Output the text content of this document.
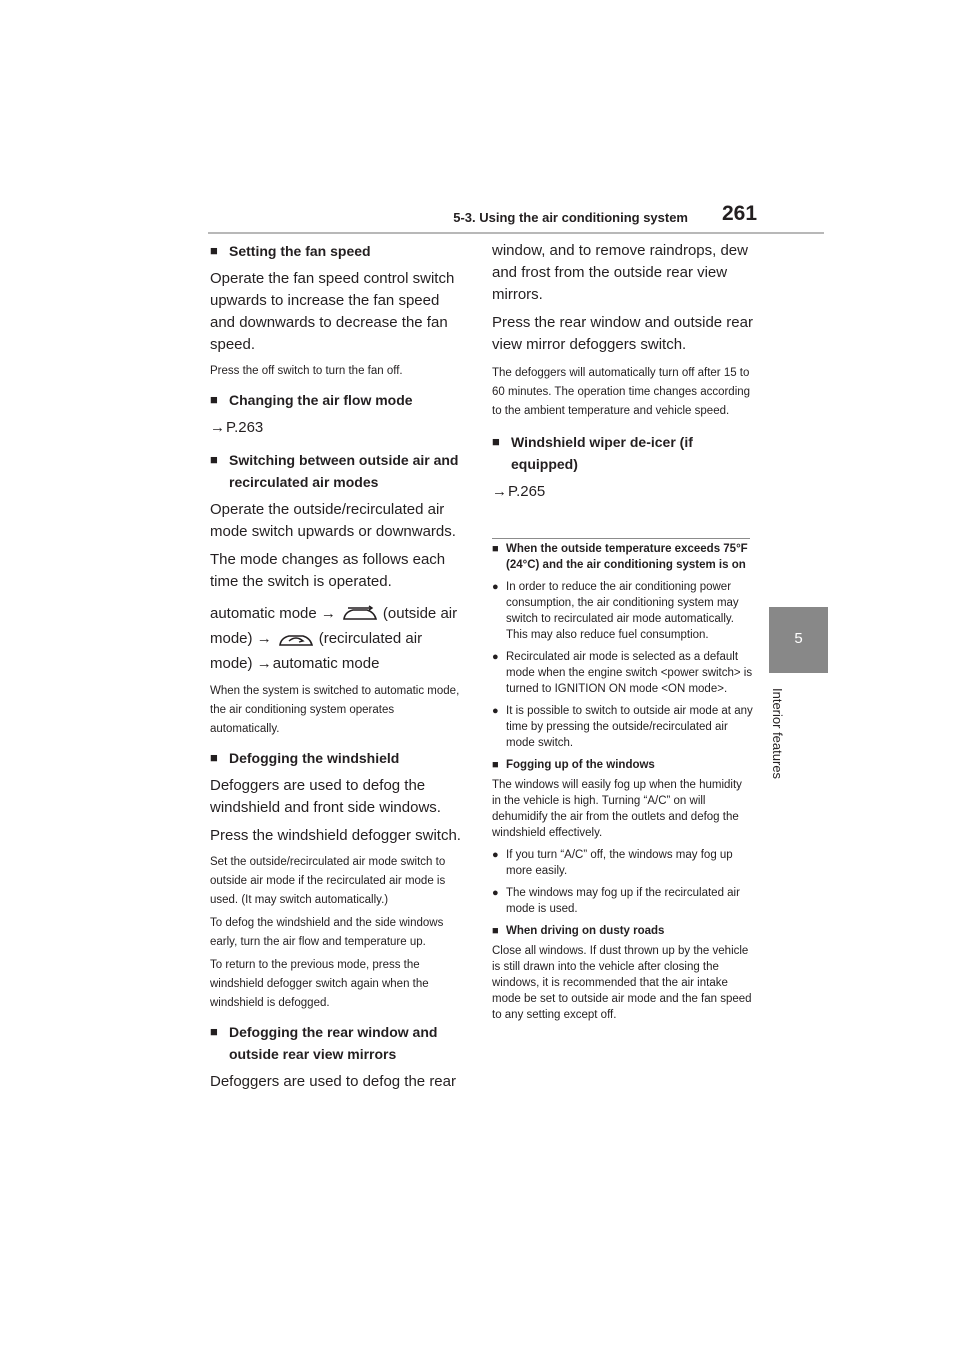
5-3. Using the air conditioning system 261
5
Interior features
■ Setting the fan speed

Operate the fan speed control switch upwards to increase the fan speed and downwards to decrease the fan speed.

Press the off switch to turn the fan off.

■ Changing the air flow mode

→P.263

■ Switching between outside air and
recirculated air modes

Operate the outside/recirculated air mode switch upwards or downwards.

The mode changes as follows each time the switch is operated.

automatic mode →	(outside air
mode) →	(recirculated air
mode) →automatic mode

When the system is switched to automatic mode, the air conditioning system operates automatically.

■ Defogging the windshield

Defoggers are used to defog the windshield and front side windows.

Press the windshield defogger switch.

Set the outside/recirculated air mode switch to outside air mode if the recirculated air mode is used. (It may switch automatically.)

To defog the windshield and the side windows early, turn the air flow and temperature up.

To return to the previous mode, press the windshield defogger switch again when the windshield is defogged.

■ Defogging the rear window and
outside rear view mirrors

Defoggers are used to defog the rear

window, and to remove raindrops, dew and frost from the outside rear view mirrors.

Press the rear window and outside rear view mirror defoggers switch.

The defoggers will automatically turn off after 15 to 60 minutes. The operation time changes according to the ambient temperature and vehicle speed.

■ Windshield wiper de-icer (if
equipped)

→P.265

■ When the outside temperature exceeds 75°F (24°C) and the air conditioning system is on

● In order to reduce the air conditioning power consumption, the air conditioning system may switch to recirculated air mode automatically. This may also reduce fuel consumption.

● Recirculated air mode is selected as a default mode when the engine switch <power switch> is turned to IGNITION ON mode <ON mode>.

● It is possible to switch to outside air mode at any time by pressing the outside/recirculated air mode switch.

■ Fogging up of the windows

The windows will easily fog up when the humidity in the vehicle is high. Turning “A/C” on will dehumidify the air from the outlets and defog the windshield effectively.

● If you turn “A/C” off, the windows may fog up more easily.

● The windows may fog up if the recirculated air mode is used.

■ When driving on dusty roads

Close all windows. If dust thrown up by the vehicle is still drawn into the vehicle after closing the windows, it is recommended that the air intake mode be set to outside air mode and the fan speed to any setting except off.
